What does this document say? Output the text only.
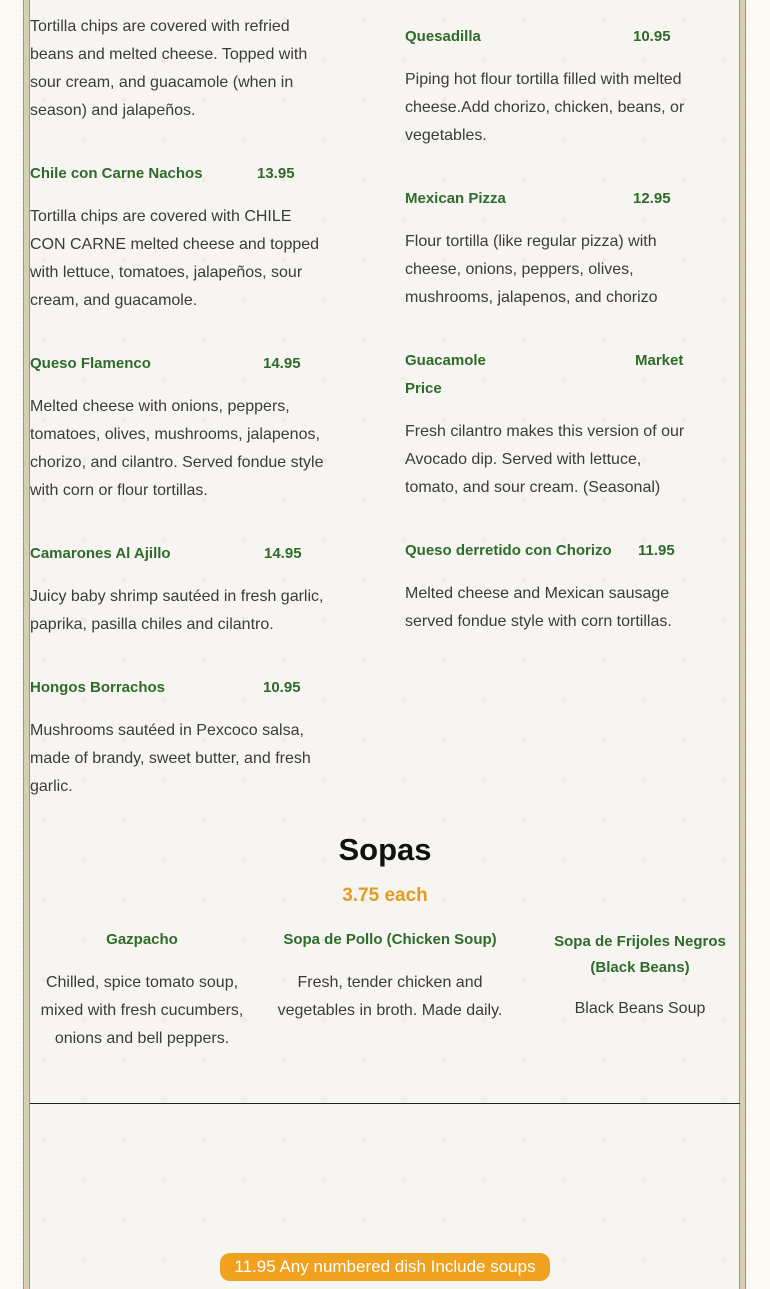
Tortilla chips are covered with refried beans and melted cheese. Topped with sour cream, and guacamole (when in season) and jalapeños.
Chile con Carne Nachos	13.95
Tortilla chips are covered with CHILE CON CARNE melted cheese and topped with lettuce, tomatoes, jalapeños, sour cream, and guacamole.
Queso Flamenco	14.95
Melted cheese with onions, peppers, tomatoes, olives, mushrooms, jalapenos, chorizo, and cilantro. Served fondue style with corn or flour tortillas.
Camarones Al Ajillo	14.95
Juicy baby shrimp sautéed in fresh garlic, paprika, pasilla chiles and cilantro.
Hongos Borrachos	10.95
Mushrooms sautéed in Pexcoco salsa, made of brandy, sweet butter, and fresh garlic.
Quesadilla	10.95
Piping hot flour tortilla filled with melted cheese.Add chorizo, chicken, beans, or vegetables.
Mexican Pizza	12.95
Flour tortilla (like regular pizza) with cheese, onions, peppers, olives, mushrooms, jalapenos, and chorizo
Guacamole	Market
Price
Fresh cilantro makes this version of our Avocado dip. Served with lettuce, tomato, and sour cream. (Seasonal)
Queso derretido con Chorizo 11.95
Melted cheese and Mexican sausage served fondue style with corn tortillas.
Sopas
3.75 each
Gazpacho
Chilled, spice tomato soup, mixed with fresh cucumbers, onions and bell peppers.
Sopa de Pollo (Chicken Soup)
Fresh, tender chicken and vegetables in broth. Made daily.
Sopa de Frijoles Negros (Black Beans)
Black Beans Soup
11.95 Any numbered dish Include soups
